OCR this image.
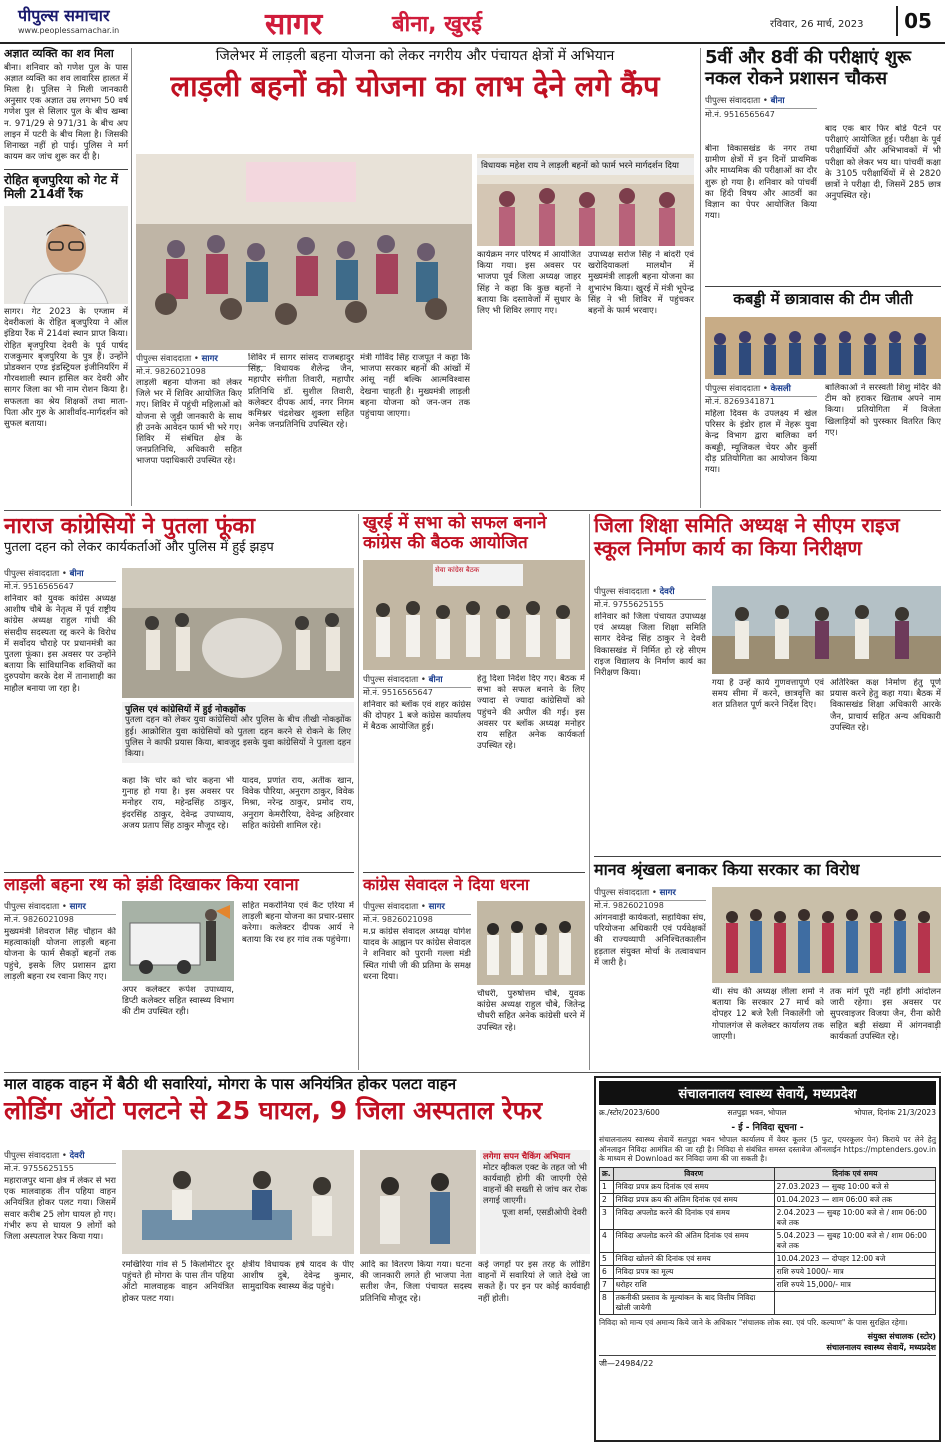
पीपुल्स समाचार
www.peoplessamachar.in	सागर	बीना, खुरई	रविवार, 26 मार्च, 2023	05
अज्ञात व्यक्ति का शव मिला
बीना। शनिवार को गणेश पुल के पास अज्ञात व्यक्ति का शव लावारिस हालत में मिला है। पुलिस ने मिली जानकारी अनुसार एक अज्ञात उम्र लगभग 50 वर्ष गणेश पुल से सिलार पुल के बीच खम्बा न. 971/29 से 971/31 के बीच अप लाइन में पटरी के बीच मिला है। जिसकी शिनाख्त नहीं हो पाई। पुलिस ने मर्ग कायम कर जांच शुरू कर दी है।
रोहित बृजपुरिया को गेट में मिली 214वीं रैंक
सागर। गेट 2023 के एग्जाम में देवरीकलां के रोहित बृजपुरिया ने ऑल इंडिया रैंक में 214वां स्थान प्राप्त किया। रोहित बृजपुरिया देवरी के पूर्व पार्षद राजकुमार बृजपुरिया के पुत्र हैं। उन्होंने प्रोडक्शन एण्ड इंडस्ट्रियल इंजीनियरिंग में गौरवशाली स्थान हासिल कर देवरी और सागर जिला का भी नाम रोशन किया है। सफलता का श्रेय शिक्षकों तथा माता-पिता और गुरु के आशीर्वाद-मार्गदर्शन को सुफल बताया।
जिलेभर में लाड़ली बहना योजना को लेकर नगरीय और पंचायत क्षेत्रों में अभियान
लाड़ली बहनों को योजना का लाभ देने लगे कैंप
विधायक महेश राय ने लाड़ली बहनों को फार्म भरने मार्गदर्शन दिया
पीपुल्स संवाददाता • सागर
मो.नं. 9826021098
लाड़ली बहना योजना को लेकर जिले भर में शिविर आयोजित किए गए। शिविर में पहुंची महिलाओं को योजना से जुड़ी जानकारी के साथ ही उनके आवेदन फार्म भी भरे गए। शिविर में संबंधित क्षेत्र के जनप्रतिनिधि, अधिकारी सहित भाजपा पदाधिकारी उपस्थित रहे।
शिविर में सागर सांसद राजबहादुर सिंह, विधायक शैलेन्द्र जैन, महापौर संगीता तिवारी, महापौर प्रतिनिधि डॉ. सुशील तिवारी, कलेक्टर दीपक आर्य, नगर निगम कमिश्नर चंद्रशेखर शुक्ला सहित अनेक जनप्रतिनिधि उपस्थित रहे।
मंत्री गोविंद सिंह राजपूत ने कहा कि भाजपा सरकार बहनों की आंखों में आंसू नहीं बल्कि आत्मविश्वास देखना चाहती है। मुख्यमंत्री लाड़ली बहना योजना को जन-जन तक पहुंचाया जाएगा।
कार्यक्रम नगर परिषद में आयोजित किया गया। इस अवसर पर भाजपा पूर्व जिला अध्यक्ष जाहर सिंह ने कहा कि कुछ बहनों ने बताया कि दस्तावेजों में सुधार के लिए भी शिविर लगाए गए।
उपाध्यक्ष सरोज सिंह ने बांदरी एवं खरोदियाकलां मालथौन में मुख्यमंत्री लाड़ली बहना योजना का शुभारंभ किया। खुरई में मंत्री भूपेन्द्र सिंह ने भी शिविर में पहुंचकर बहनों के फार्म भरवाए।
5वीं और 8वीं की परीक्षाएं शुरू नकल रोकने प्रशासन चौकस
पीपुल्स संवाददाता • बीना
मो.नं. 9516565647
बीना विकासखंड के नगर तथा ग्रामीण क्षेत्रों में इन दिनों प्राथमिक और माध्यमिक की परीक्षाओं का दौर शुरू हो गया है। शनिवार को पांचवीं का हिंदी विषय और आठवीं का विज्ञान का पेपर आयोजित किया गया।
बाद एक बार फिर बोर्ड पैटर्न पर परीक्षाएं आयोजित हुई। परीक्षा के पूर्व परीक्षार्थियों और अभिभावकों में भी परीक्षा को लेकर भय था। पांचवीं कक्षा के 3105 परीक्षार्थियों में से 2820 छात्रों ने परीक्षा दी, जिसमें 285 छात्र अनुपस्थित रहे।
कबड्डी में छात्रावास की टीम जीती
पीपुल्स संवाददाता • केसली
मो.नं. 8269341871
महिला दिवस के उपलक्ष्य में खेल परिसर के इंडोर हाल में नेहरू युवा केन्द्र विभाग द्वारा बालिका वर्ग कबड्डी, म्यूजिकल चेयर और कुर्सी दौड़ प्रतियोगिता का आयोजन किया गया।
बालिकाओं ने सरस्वती शिशु मंदिर की टीम को हराकर खिताब अपने नाम किया। प्रतियोगिता में विजेता खिलाड़ियों को पुरस्कार वितरित किए गए।
नाराज कांग्रेसियों ने पुतला फूंका
पुतला दहन को लेकर कार्यकर्ताओं और पुलिस में हुई झड़प
पीपुल्स संवाददाता • बीना
मो.नं. 9516565647
शनिवार को युवक कांग्रेस अध्यक्ष आशीष चौबे के नेतृत्व में पूर्व राष्ट्रीय कांग्रेस अध्यक्ष राहुल गांधी की संसदीय सदस्यता रद्द करने के विरोध में सर्वोदय चौराहे पर प्रधानमंत्री का पुतला फूंका। इस अवसर पर उन्होंने बताया कि सांविधानिक शक्तियों का दुरुपयोग करके देश में तानाशाही का माहौल बनाया जा रहा है।
पुलिस एवं कांग्रेसियों में हुई नोकझोंक
पुतला दहन को लेकर युवा कांग्रेसियों और पुलिस के बीच तीखी नोकझोंक हुई। आक्रोशित युवा कांग्रेसियों को पुतला दहन करने से रोकने के लिए पुलिस ने काफी प्रयास किया, बावजूद इसके युवा कांग्रेसियों ने पुतला दहन किया।
कहा कि चोर को चोर कहना भी गुनाह हो गया है। इस अवसर पर मनोहर राय, महेन्द्रसिंह ठाकुर, इंदरसिंह ठाकुर, देवेन्द्र उपाध्याय, अजय प्रताप सिंह ठाकुर मौजूद रहे।
यादव, प्रणांत राय, अतीक खान, विवेक पौरिया, अनुराग ठाकुर, विवेक मिश्रा, नरेन्द्र ठाकुर, प्रमोद राय, अनुराग केमरौरिया, देवेन्द्र अहिरवार सहित कांग्रेसी शामिल रहे।
खुरई में सभा को सफल बनाने कांग्रेस की बैठक आयोजित
सेवा कांग्रेस बैठक
पीपुल्स संवाददाता • बीना
मो.नं. 9516565647
शनिवार को ब्लॉक एवं शहर कांग्रेस की दोपहर 1 बजे कांग्रेस कार्यालय में बैठक आयोजित हुई।
हेतु दिशा निर्देश दिए गए। बैठक में सभा को सफल बनाने के लिए ज्यादा से ज्यादा कांग्रेसियों को पहुंचने की अपील की गई। इस अवसर पर ब्लॉक अध्यक्ष मनोहर राय सहित अनेक कार्यकर्ता उपस्थित रहे।
जिला शिक्षा समिति अध्यक्ष ने सीएम राइज स्कूल निर्माण कार्य का किया निरीक्षण
पीपुल्स संवाददाता • देवरी
मो.नं. 9755625155
शनिवार को जिला पंचायत उपाध्यक्ष एवं अध्यक्ष जिला शिक्षा समिति सागर देवेन्द्र सिंह ठाकुर ने देवरी विकासखंड में निर्मित हो रहे सीएम राइज विद्यालय के निर्माण कार्य का निरीक्षण किया।
गया है उन्हें कार्य गुणवत्तापूर्ण एवं समय सीमा में करने, छात्रवृत्ति का शत प्रतिशत पूर्ण करने निर्देश दिए।
अतिरिक्त कक्ष निर्माण हेतु पूर्ण प्रयास करने हेतु कहा गया। बैठक में विकासखंड शिक्षा अधिकारी आरके जैन, प्राचार्य सहित अन्य अधिकारी उपस्थित रहे।
मानव श्रृंखला बनाकर किया सरकार का विरोध
पीपुल्स संवाददाता • सागर
मो.नं. 9826021098
आंगनवाड़ी कार्यकर्ता, सहायिका संघ, परियोजना अधिकारी एवं पर्यवेक्षकों की राज्यव्यापी अनिश्चितकालीन हड़ताल संयुक्त मोर्चा के तत्वावधान में जारी है।
थीं। संघ की अध्यक्ष लीला शर्मा ने बताया कि सरकार 27 मार्च को दोपहर 12 बजे रैली निकालेंगी जो गोपालगंज से कलेक्टर कार्यालय तक जाएगी।
तक मांगें पूरी नहीं होंगी आंदोलन जारी रहेगा। इस अवसर पर सुपरवाइजर विजया जैन, रीना कोरी सहित बड़ी संख्या में आंगनवाड़ी कार्यकर्ता उपस्थित रहे।
लाड़ली बहना रथ को झंडी दिखाकर किया रवाना
पीपुल्स संवाददाता • सागर
मो.नं. 9826021098
मुख्यमंत्री शिवराज सिंह चौहान की महत्वाकांक्षी योजना लाड़ली बहना योजना के फार्म सैकड़ों बहनों तक पहुंचे, इसके लिए प्रशासन द्वारा लाड़ली बहना रथ रवाना किए गए।
अपर कलेक्टर रूपेश उपाध्याय, डिप्टी कलेक्टर सहित स्वास्थ्य विभाग की टीम उपस्थित रही।
सहित मकरोनिया एवं कैंट एरिया में लाड़ली बहना योजना का प्रचार-प्रसार करेगा। कलेक्टर दीपक आर्य ने बताया कि रथ हर गांव तक पहुंचेगा।
कांग्रेस सेवादल ने दिया धरना
पीपुल्स संवाददाता • सागर
मो.नं. 9826021098
म.प्र कांग्रेस सेवादल अध्यक्ष योगेश यादव के आह्वान पर कांग्रेस सेवादल ने शनिवार को पुरानी गल्ला मंडी स्थित गांधी जी की प्रतिमा के समक्ष धरना दिया।
चौधरी, पुरुषोत्तम चौबे, युवक कांग्रेस अध्यक्ष राहुल चौबे, जितेन्द्र चौधरी सहित अनेक कांग्रेसी धरने में उपस्थित रहे।
माल वाहक वाहन में बैठी थी सवारियां, मोगरा के पास अनियंत्रित होकर पलटा वाहन
लोडिंग ऑटो पलटने से 25 घायल, 9 जिला अस्पताल रेफर
पीपुल्स संवाददाता • देवरी
मो.नं. 9755625155
महाराजपुर थाना क्षेत्र में लेकर से भरा एक मालवाहक तीन पहिया वाहन अनियंत्रित होकर पलट गया। जिसमें सवार करीब 25 लोग घायल हो गए। गंभीर रूप से घायल 9 लोगों को जिला अस्पताल रेफर किया गया।
लगेगा सपन चैकिंग अभियान
मोटर व्हीकल एक्ट के तहत जो भी कार्यवाही होगी की जाएगी ऐसे वाहनों की सख्ती से जांच कर रोक लगाई जाएगी।
पूजा शर्मा, एसडीओपी देवरी
रमखिरिया गांव से 5 किलोमीटर दूर पहुंचते ही मोगरा के पास तीन पहिया ऑटो मालवाहक वाहन अनियंत्रित होकर पलट गया।
क्षेत्रीय विधायक हर्ष यादव के पीए आशीष दुबे, देवेन्द्र कुमार, सामुदायिक स्वास्थ्य केंद्र पहुंचे।
आदि का वितरण किया गया। घटना की जानकारी लगते ही भाजपा नेता सतीश जैन, जिला पंचायत सदस्य प्रतिनिधि मौजूद रहे।
कई जगहों पर इस तरह के लोडिंग वाहनों में सवारियां ले जाते देखे जा सकते हैं। पर इन पर कोई कार्यवाही नहीं होती।
संचालनालय स्वास्थ्य सेवायें, मध्यप्रदेश
क्र./स्टोर/2023/600	सतपुड़ा भवन, भोपाल	भोपाल, दिनांक 21/3/2023
- ई - निविदा सूचना -
संचालनालय स्वास्थ्य सेवायें सतपुड़ा भवन भोपाल कार्यालय में वेयर कूलर (5 फुट, एयरकूलर पेन) किराये पर लेने हेतु ऑनलाइन निविदा आमंत्रित की जा रही है। निविदा से संबंधित समस्त दस्तावेज ऑनलाईन https://mptenders.gov.in के माध्यम से Download कर निविदा जमा की जा सकती है।
क्र.	विवरण	दिनांक एवं समय
1	निविदा प्रपत्र क्रय दिनांक एवं समय	27.03.2023 — सुबह 10:00 बजे से
2	निविदा प्रपत्र क्रय की अंतिम दिनांक एवं समय	01.04.2023 — शाम 06:00 बजे तक
3	निविदा अपलोड करने की दिनांक एवं समय	2.04.2023 — सुबह 10:00 बजे से / शाम 06:00 बजे तक
4	निविदा अपलोड करने की अंतिम दिनांक एवं समय	5.04.2023 — सुबह 10:00 बजे से / शाम 06:00 बजे तक
5	निविदा खोलने की दिनांक एवं समय	10.04.2023 — दोपहर 12:00 बजे
6	निविदा प्रपत्र का मूल्य	राशि रुपये 1000/- मात्र
7	धरोहर राशि	राशि रुपये 15,000/- मात्र
8	तकनीकी प्रस्ताव के मूल्यांकन के बाद वित्तीय निविदा खोली जायेगी	
निविदा को मान्य एवं अमान्य किये जाने के अधिकार "संचालक लोक स्वा. एवं परि. कल्याण" के पास सुरक्षित रहेगा।
संयुक्त संचालक (स्टोर)
संचालनालय स्वास्थ्य सेवायें, मध्यप्रदेश
जी—24984/22
